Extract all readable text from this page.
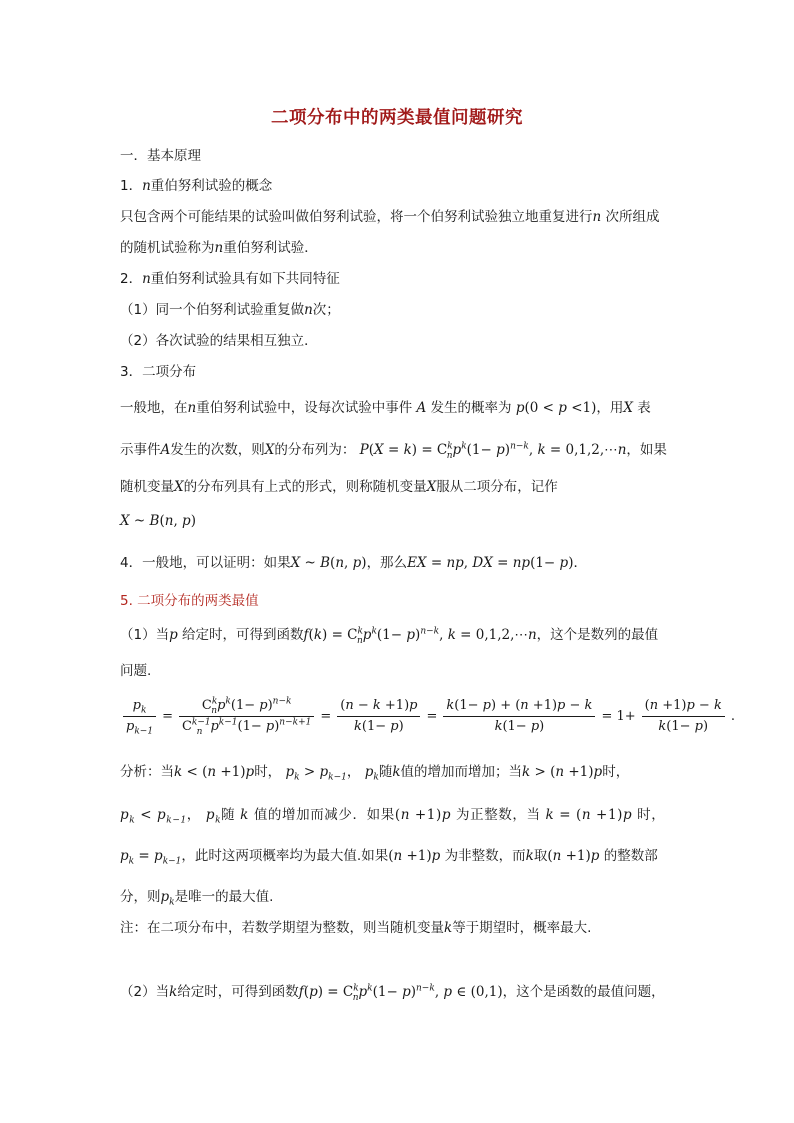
二项分布中的两类最值问题研究
一．基本原理
1．n重伯努利试验的概念
只包含两个可能结果的试验叫做伯努利试验，将一个伯努利试验独立地重复进行n 次所组成
的随机试验称为n重伯努利试验．
2．n重伯努利试验具有如下共同特征
（1）同一个伯努利试验重复做n次；
（2）各次试验的结果相互独立．
3．二项分布
一般地，在n重伯努利试验中，设每次试验中事件 A 发生的概率为 p(0 < p <1)，用X 表
示事件A发生的次数，则X的分布列为： $P(X = k) = C^k_np^k(1- p)^{n-k}$, k = 0,1,2,⋯n，如果
随机变量X的分布列具有上式的形式，则称随机变量X服从二项分布，记作
X ~ B(n, p)
4．一般地，可以证明：如果X ~ B(n, p)，那么EX = np, DX = np(1− p)．
5. 二项分布的两类最值
（1）当p 给定时，可得到函数$f(k) = C^k_np^k(1- p)^{n-k}$, k = 0,1,2,⋯n，这个是数列的最值
问题.
$\frac{p_k}{p_{k-1}} = \frac{C^k_np^k(1- p)^{n-k}}{C^{k-1}_n p^{k-1}(1- p)^{n-k+1}} = \frac{(n - k +1)p}{k(1- p)} = \frac{k(1- p) + (n +1)p - k}{k(1- p)} = 1+ \frac{(n +1)p - k}{k(1- p)}$ .
分析：当k < (n +1)p时， $p_k > p_{k-1}$， $p_k$随k值的增加而增加；当k > (n +1)p时，
$p_k < p_{k-1}$， $p_k$随 k 值的增加而减少．如果(n +1)p 为正整数，当 k = (n +1)p 时，
$p_k = p_{k-1}$，此时这两项概率均为最大值.如果(n +1)p 为非整数，而k取(n +1)p 的整数部
分，则$p_k$是唯一的最大值.
注：在二项分布中，若数学期望为整数，则当随机变量k等于期望时，概率最大.
（2）当k给定时，可得到函数$f(p) = C^k_np^k(1- p)^{n-k}$, p ∈ (0,1)，这个是函数的最值问题，
